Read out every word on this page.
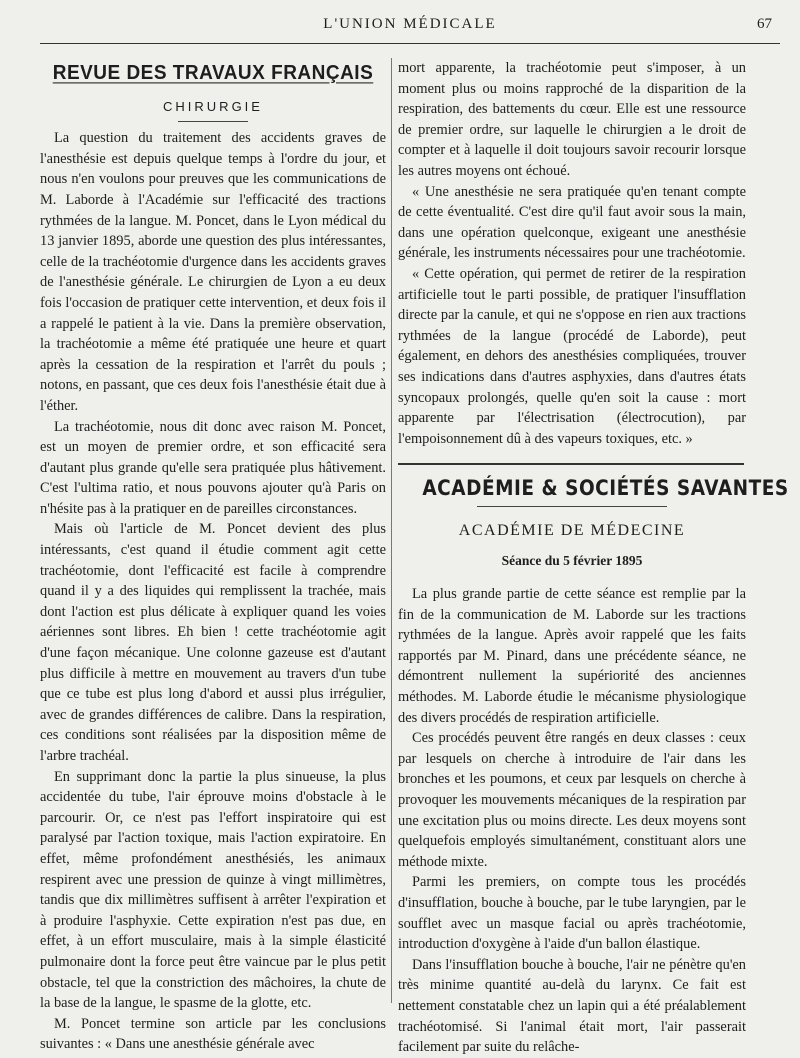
L'UNION MÉDICALE	67
REVUE DES TRAVAUX FRANÇAIS
CHIRURGIE

La question du traitement des accidents graves de l'anesthésie est depuis quelque temps à l'ordre du jour, et nous n'en voulons pour preuves que les communications de M. Laborde à l'Académie sur l'efficacité des tractions rythmées de la langue. M. Poncet, dans le Lyon médical du 13 janvier 1895, aborde une question des plus intéressantes, celle de la trachéotomie d'urgence dans les accidents graves de l'anesthésie générale. Le chirurgien de Lyon a eu deux fois l'occasion de pratiquer cette intervention, et deux fois il a rappelé le patient à la vie. Dans la première observation, la trachéotomie a même été pratiquée une heure et quart après la cessation de la respiration et l'arrêt du pouls ; notons, en passant, que ces deux fois l'anesthésie était due à l'éther.

La trachéotomie, nous dit donc avec raison M. Poncet, est un moyen de premier ordre, et son efficacité sera d'autant plus grande qu'elle sera pratiquée plus hâtivement. C'est l'ultima ratio, et nous pouvons ajouter qu'à Paris on n'hésite pas à la pratiquer en de pareilles circonstances.

Mais où l'article de M. Poncet devient des plus intéressants, c'est quand il étudie comment agit cette trachéotomie, dont l'efficacité est facile à comprendre quand il y a des liquides qui remplissent la trachée, mais dont l'action est plus délicate à expliquer quand les voies aériennes sont libres. Eh bien ! cette trachéotomie agit d'une façon mécanique. Une colonne gazeuse est d'autant plus difficile à mettre en mouvement au travers d'un tube que ce tube est plus long d'abord et aussi plus irrégulier, avec de grandes différences de calibre. Dans la respiration, ces conditions sont réalisées par la disposition même de l'arbre trachéal.

En supprimant donc la partie la plus sinueuse, la plus accidentée du tube, l'air éprouve moins d'obstacle à le parcourir. Or, ce n'est pas l'effort inspiratoire qui est paralysé par l'action toxique, mais l'action expiratoire. En effet, même profondément anesthésiés, les animaux respirent avec une pression de quinze à vingt millimètres, tandis que dix millimètres suffisent à arrêter l'expiration et à produire l'asphyxie. Cette expiration n'est pas due, en effet, à un effort musculaire, mais à la simple élasticité pulmonaire dont la force peut être vaincue par le plus petit obstacle, tel que la constriction des mâchoires, la chute de la base de la langue, le spasme de la glotte, etc.

M. Poncet termine son article par les conclusions suivantes : « Dans une anesthésie générale avec

mort apparente, la trachéotomie peut s'imposer, à un moment plus ou moins rapproché de la disparition de la respiration, des battements du cœur. Elle est une ressource de premier ordre, sur laquelle le chirurgien a le droit de compter et à laquelle il doit toujours savoir recourir lorsque les autres moyens ont échoué.

« Une anesthésie ne sera pratiquée qu'en tenant compte de cette éventualité. C'est dire qu'il faut avoir sous la main, dans une opération quelconque, exigeant une anesthésie générale, les instruments nécessaires pour une trachéotomie.

« Cette opération, qui permet de retirer de la respiration artificielle tout le parti possible, de pratiquer l'insufflation directe par la canule, et qui ne s'oppose en rien aux tractions rythmées de la langue (procédé de Laborde), peut également, en dehors des anesthésies compliquées, trouver ses indications dans d'autres asphyxies, dans d'autres états syncopaux prolongés, quelle qu'en soit la cause : mort apparente par l'électrisation (électrocution), par l'empoisonnement dû à des vapeurs toxiques, etc. »

ACADÉMIE & SOCIÉTÉS SAVANTES
ACADÉMIE DE MÉDECINE
Séance du 5 février 1895

La plus grande partie de cette séance est remplie par la fin de la communication de M. Laborde sur les tractions rythmées de la langue. Après avoir rappelé que les faits rapportés par M. Pinard, dans une précédente séance, ne démontrent nullement la supériorité des anciennes méthodes. M. Laborde étudie le mécanisme physiologique des divers procédés de respiration artificielle.

Ces procédés peuvent être rangés en deux classes : ceux par lesquels on cherche à introduire de l'air dans les bronches et les poumons, et ceux par lesquels on cherche à provoquer les mouvements mécaniques de la respiration par une excitation plus ou moins directe. Les deux moyens sont quelquefois employés simultanément, constituant alors une méthode mixte.

Parmi les premiers, on compte tous les procédés d'insufflation, bouche à bouche, par le tube laryngien, par le soufflet avec un masque facial ou après trachéotomie, introduction d'oxygène à l'aide d'un ballon élastique.

Dans l'insufflation bouche à bouche, l'air ne pénètre qu'en très minime quantité au-delà du larynx. Ce fait est nettement constatable chez un lapin qui a été préalablement trachéotomisé. Si l'animal était mort, l'air passerait facilement par suite du relâche-
